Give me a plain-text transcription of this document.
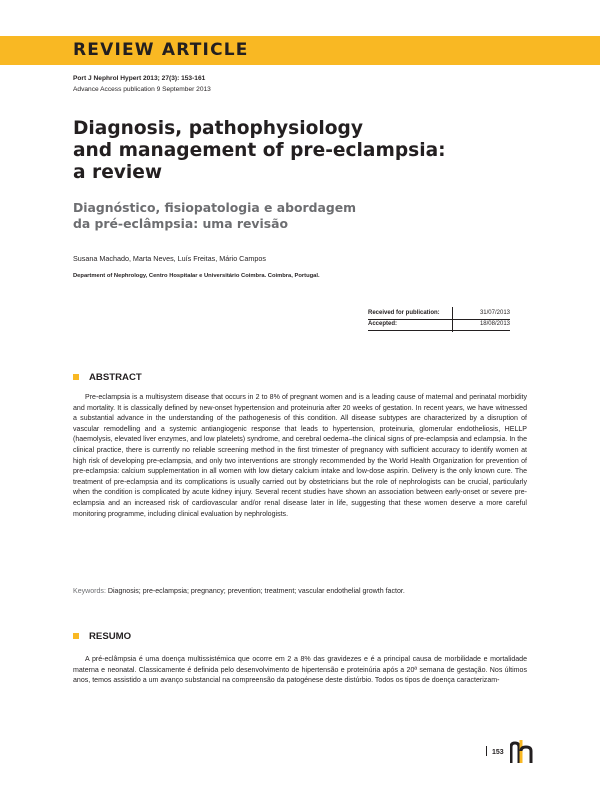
REVIEW ARTICLE
Port J Nephrol Hypert 2013; 27(3): 153-161
Advance Access publication 9 September 2013
Diagnosis, pathophysiology
and management of pre-eclampsia:
a review
Diagnóstico, fisiopatologia e abordagem
da pré-eclâmpsia: uma revisão
Susana Machado, Marta Neves, Luís Freitas, Mário Campos
Department of Nephrology, Centro Hospitalar e Universitário Coimbra. Coimbra, Portugal.
Received for publication:	31/07/2013
Accepted:	18/08/2013
ABSTRACT
Pre-eclampsia is a multisystem disease that occurs in 2 to 8% of pregnant women and is a leading cause of maternal and perinatal morbidity and mortality. It is classically defined by new-onset hypertension and proteinuria after 20 weeks of gestation. In recent years, we have witnessed a substantial advance in the understanding of the pathogenesis of this condition. All disease subtypes are characterized by a disruption of vascular remodelling and a systemic antiangiogenic response that leads to hypertension, proteinuria, glomerular endotheliosis, HELLP (haemolysis, elevated liver enzymes, and low platelets) syndrome, and cerebral oedema–the clinical signs of pre-eclampsia and eclampsia. In the clinical practice, there is currently no reliable screening method in the first trimester of pregnancy with sufficient accuracy to identify women at high risk of developing pre-eclampsia, and only two interventions are strongly recommended by the World Health Organization for prevention of pre-eclampsia: calcium supplementation in all women with low dietary calcium intake and low-dose aspirin. Delivery is the only known cure. The treatment of pre-eclampsia and its complications is usually carried out by obstetricians but the role of nephrologists can be crucial, particularly when the condition is complicated by acute kidney injury. Several recent studies have shown an association between early-onset or severe pre-eclampsia and an increased risk of cardiovascular and/or renal disease later in life, suggesting that these women deserve a more careful monitoring programme, including clinical evaluation by nephrologists.
Keywords: Diagnosis; pre-eclampsia; pregnancy; prevention; treatment; vascular endothelial growth factor.
RESUMO
A pré-eclâmpsia é uma doença multissistémica que ocorre em 2 a 8% das gravidezes e é a principal causa de morbilidade e mortalidade materna e neonatal. Classicamente é definida pelo desenvolvimento de hipertensão e proteinúria após a 20ª semana de gestação. Nos últimos anos, temos assistido a um avanço substancial na compreensão da patogénese deste distúrbio. Todos os tipos de doença caracterizam-
153
